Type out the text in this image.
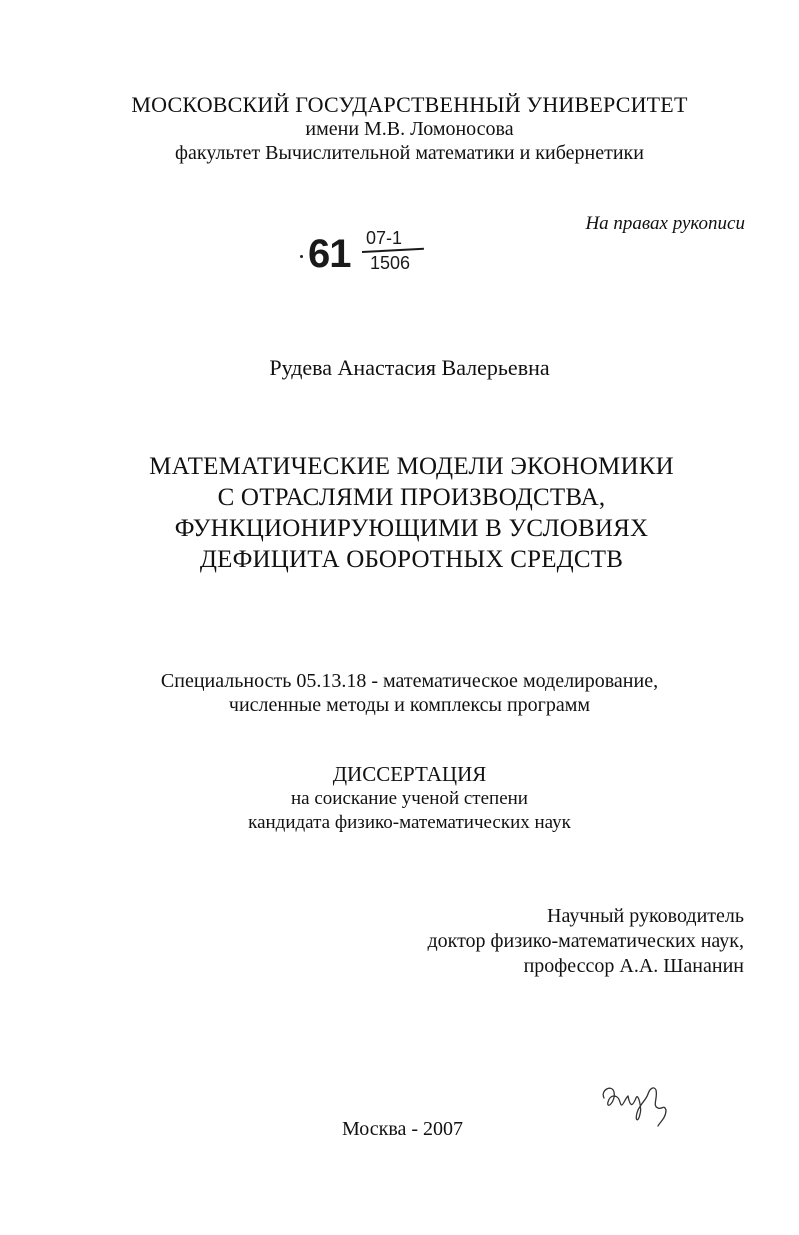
МОСКОВСКИЙ ГОСУДАРСТВЕННЫЙ УНИВЕРСИТЕТ
имени М.В. Ломоносова
факультет Вычислительной математики и кибернетики
На правах рукописи
61 07-1
1506
Рудева Анастасия Валерьевна
МАТЕМАТИЧЕСКИЕ МОДЕЛИ ЭКОНОМИКИ
С ОТРАСЛЯМИ ПРОИЗВОДСТВА,
ФУНКЦИОНИРУЮЩИМИ В УСЛОВИЯХ
ДЕФИЦИТА ОБОРОТНЫХ СРЕДСТВ
Специальность 05.13.18 - математическое моделирование,
численные методы и комплексы программ
ДИССЕРТАЦИЯ
на соискание ученой степени
кандидата физико-математических наук
Научный руководитель
доктор физико-математических наук,
профессор А.А. Шананин
Москва - 2007
